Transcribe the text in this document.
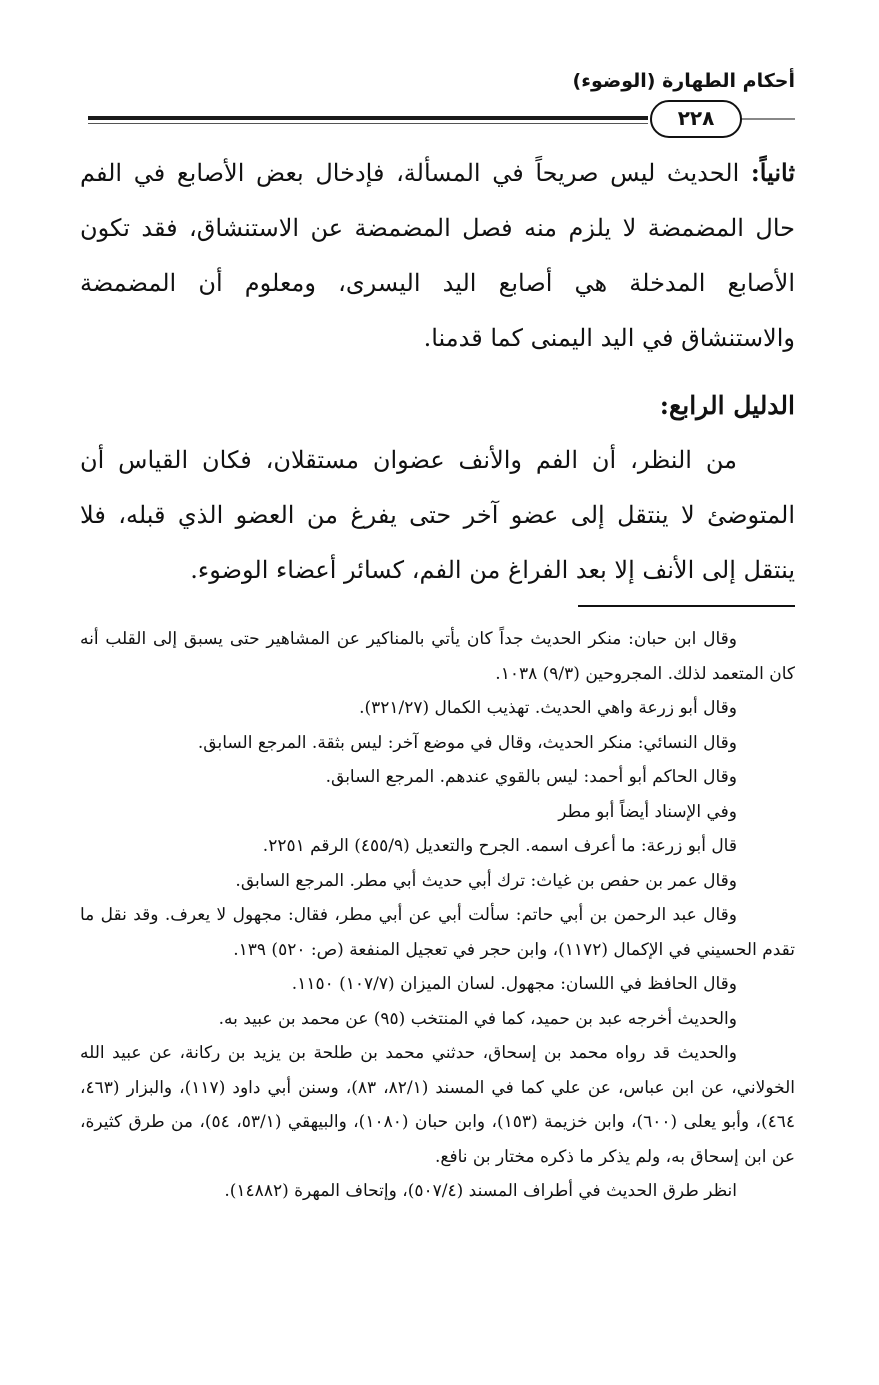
أحكام الطهارة (الوضوء)
٢٢٨

ثانياً: الحديث ليس صريحاً في المسألة، فإدخال بعض الأصابع في الفم حال المضمضة لا يلزم منه فصل المضمضة عن الاستنشاق، فقد تكون الأصابع المدخلة هي أصابع اليد اليسرى، ومعلوم أن المضمضة والاستنشاق في اليد اليمنى كما قدمنا.

الدليل الرابع:

من النظر، أن الفم والأنف عضوان مستقلان، فكان القياس أن المتوضئ لا ينتقل إلى عضو آخر حتى يفرغ من العضو الذي قبله، فلا ينتقل إلى الأنف إلا بعد الفراغ من الفم، كسائر أعضاء الوضوء.

وقال ابن حبان: منكر الحديث جداً كان يأتي بالمناكير عن المشاهير حتى يسبق إلى القلب أنه كان المتعمد لذلك. المجروحين (٩/٣) ١٠٣٨.

وقال أبو زرعة واهي الحديث. تهذيب الكمال (٣٢١/٢٧).

وقال النسائي: منكر الحديث، وقال في موضع آخر: ليس بثقة. المرجع السابق.

وقال الحاكم أبو أحمد: ليس بالقوي عندهم. المرجع السابق.

وفي الإسناد أيضاً أبو مطر

قال أبو زرعة: ما أعرف اسمه. الجرح والتعديل (٤٥٥/٩) الرقم ٢٢٥١.

وقال عمر بن حفص بن غياث: ترك أبي حديث أبي مطر. المرجع السابق.

وقال عبد الرحمن بن أبي حاتم: سألت أبي عن أبي مطر، فقال: مجهول لا يعرف. وقد نقل ما تقدم الحسيني في الإكمال (١١٧٢)، وابن حجر في تعجيل المنفعة (ص: ٥٢٠) ١٣٩.

وقال الحافظ في اللسان: مجهول. لسان الميزان (١٠٧/٧) ١١٥٠.

والحديث أخرجه عبد بن حميد، كما في المنتخب (٩٥) عن محمد بن عبيد به.

والحديث قد رواه محمد بن إسحاق، حدثني محمد بن طلحة بن يزيد بن ركانة، عن عبيد الله الخولاني، عن ابن عباس، عن علي كما في المسند (٨٢/١، ٨٣)، وسنن أبي داود (١١٧)، والبزار (٤٦٣، ٤٦٤)، وأبو يعلى (٦٠٠)، وابن خزيمة (١٥٣)، وابن حبان (١٠٨٠)، والبيهقي (٥٣/١، ٥٤)، من طرق كثيرة، عن ابن إسحاق به، ولم يذكر ما ذكره مختار بن نافع.

انظر طرق الحديث في أطراف المسند (٥٠٧/٤)، وإتحاف المهرة (١٤٨٨٢).
